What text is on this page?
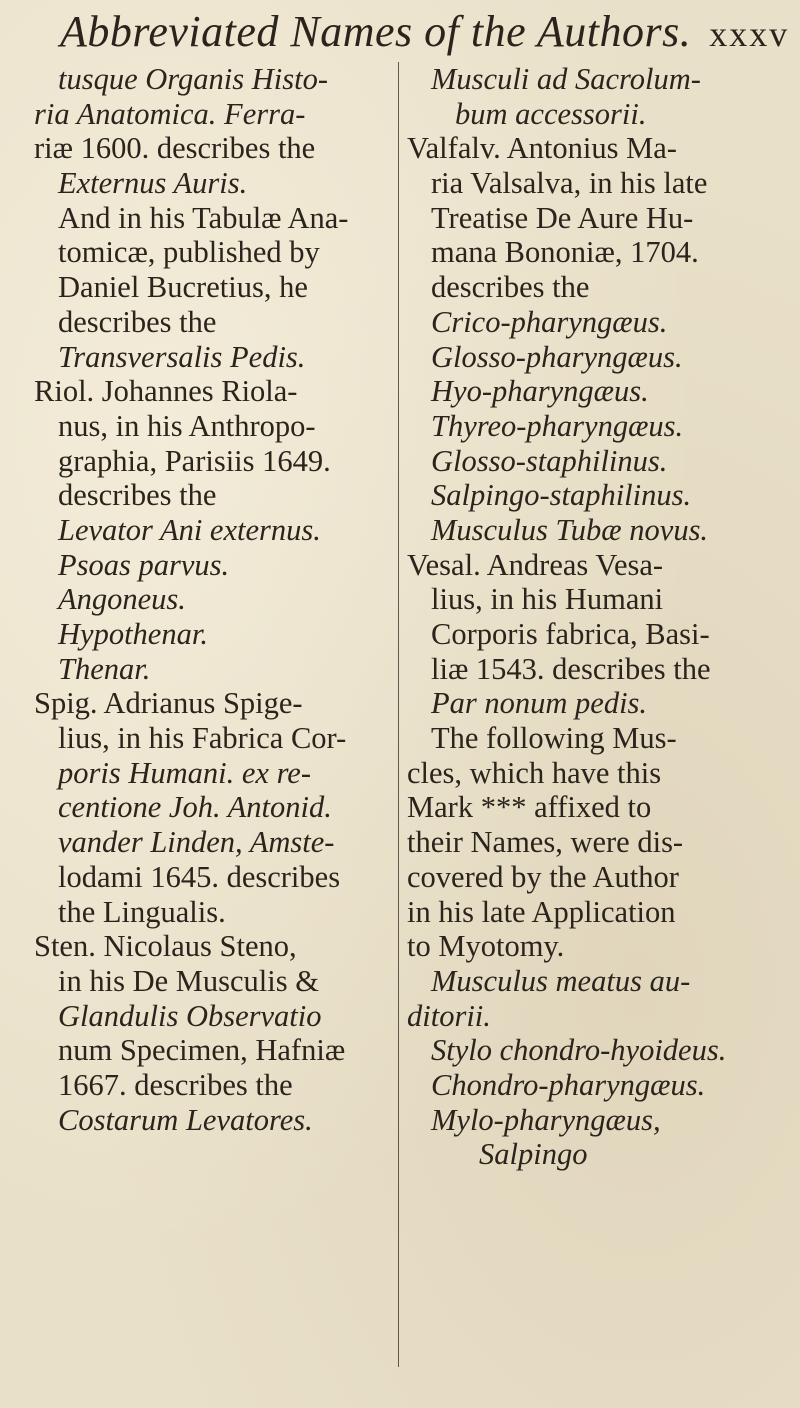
Abbreviated Names of the Authors. xxxv
tusque Organis Histo-
ria Anatomica. Ferra-
riæ 1600. describes the
Externus Auris.
And in his Tabulæ Ana-
tomicæ, published by
Daniel Bucretius, he
describes the
Transversalis Pedis.
Riol. Johannes Riola-
nus, in his Anthropo-
graphia, Parisiis 1649.
describes the
Levator Ani externus.
Psoas parvus.
Angoneus.
Hypothenar.
Thenar.
Spig. Adrianus Spige-
lius, in his Fabrica Cor-
poris Humani. ex re-
centione Joh. Antonid.
vander Linden, Amste-
lodami 1645. describes
the Lingualis.
Sten. Nicolaus Steno,
in his De Musculis &
Glandulis Observatio
num Specimen, Hafniæ
1667. describes the
Costarum Levatores.
Musculi ad Sacrolum-
bum accessorii.
Valfalv. Antonius Ma-
ria Valsalva, in his late
Treatise De Aure Hu-
mana Bononiæ, 1704.
describes the
Crico-pharyngæus.
Glosso-pharyngæus.
Hyo-pharyngæus.
Thyreo-pharyngæus.
Glosso-staphilinus.
Salpingo-staphilinus.
Musculus Tubæ novus.
Vesal. Andreas Vesa-
lius, in his Humani
Corporis fabrica, Basi-
liæ 1543. describes the
Par nonum pedis.
The following Mus-
cles, which have this
Mark *** affixed to
their Names, were dis-
covered by the Author
in his late Application
to Myotomy.
Musculus meatus au-
ditorii.
Stylo chondro-hyoideus.
Chondro-pharyngæus.
Mylo-pharyngæus,
Salpingo
